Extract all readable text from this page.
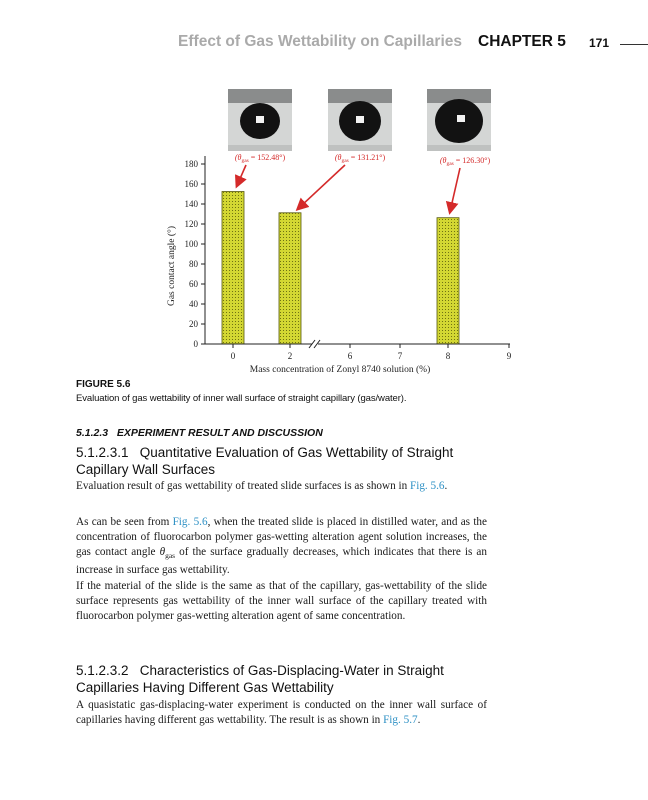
Effect of Gas Wettability on Capillaries CHAPTER 5 171
Gas contact angle (°)
Mass concentration of Zonyl 8740 solution (%)
0
20
40
60
80
100
120
140
160
180
0	2	6	7	8	9
$(\theta_{gas} = 152.48^\circ)$	$(\theta_{gas} = 131.21^\circ)$	$(\theta_{gas} = 126.30^\circ)$
FIGURE 5.6
Evaluation of gas wettability of inner wall surface of straight capillary (gas/water).
5.1.2.3   EXPERIMENT RESULT AND DISCUSSION
5.1.2.3.1   Quantitative Evaluation of Gas Wettability of Straight
Capillary Wall Surfaces

Evaluation result of gas wettability of treated slide surfaces is as shown in Fig. 5.6.

As can be seen from Fig. 5.6, when the treated slide is placed in distilled water, and as the concentration of fluorocarbon polymer gas-wetting alteration agent solution increases, the gas contact angle $\theta_{gas}$ of the surface gradually decreases, which indicates that there is an increase in surface gas wettability.

If the material of the slide is the same as that of the capillary, gas-wettability of the slide surface represents gas wettability of the inner wall surface of the capillary treated with fluorocarbon polymer gas-wetting alteration agent of same concentration.

5.1.2.3.2   Characteristics of Gas-Displacing-Water in Straight
Capillaries Having Different Gas Wettability

A quasistatic gas-displacing-water experiment is conducted on the inner wall surface of capillaries having different gas wettability. The result is as shown in Fig. 5.7.
